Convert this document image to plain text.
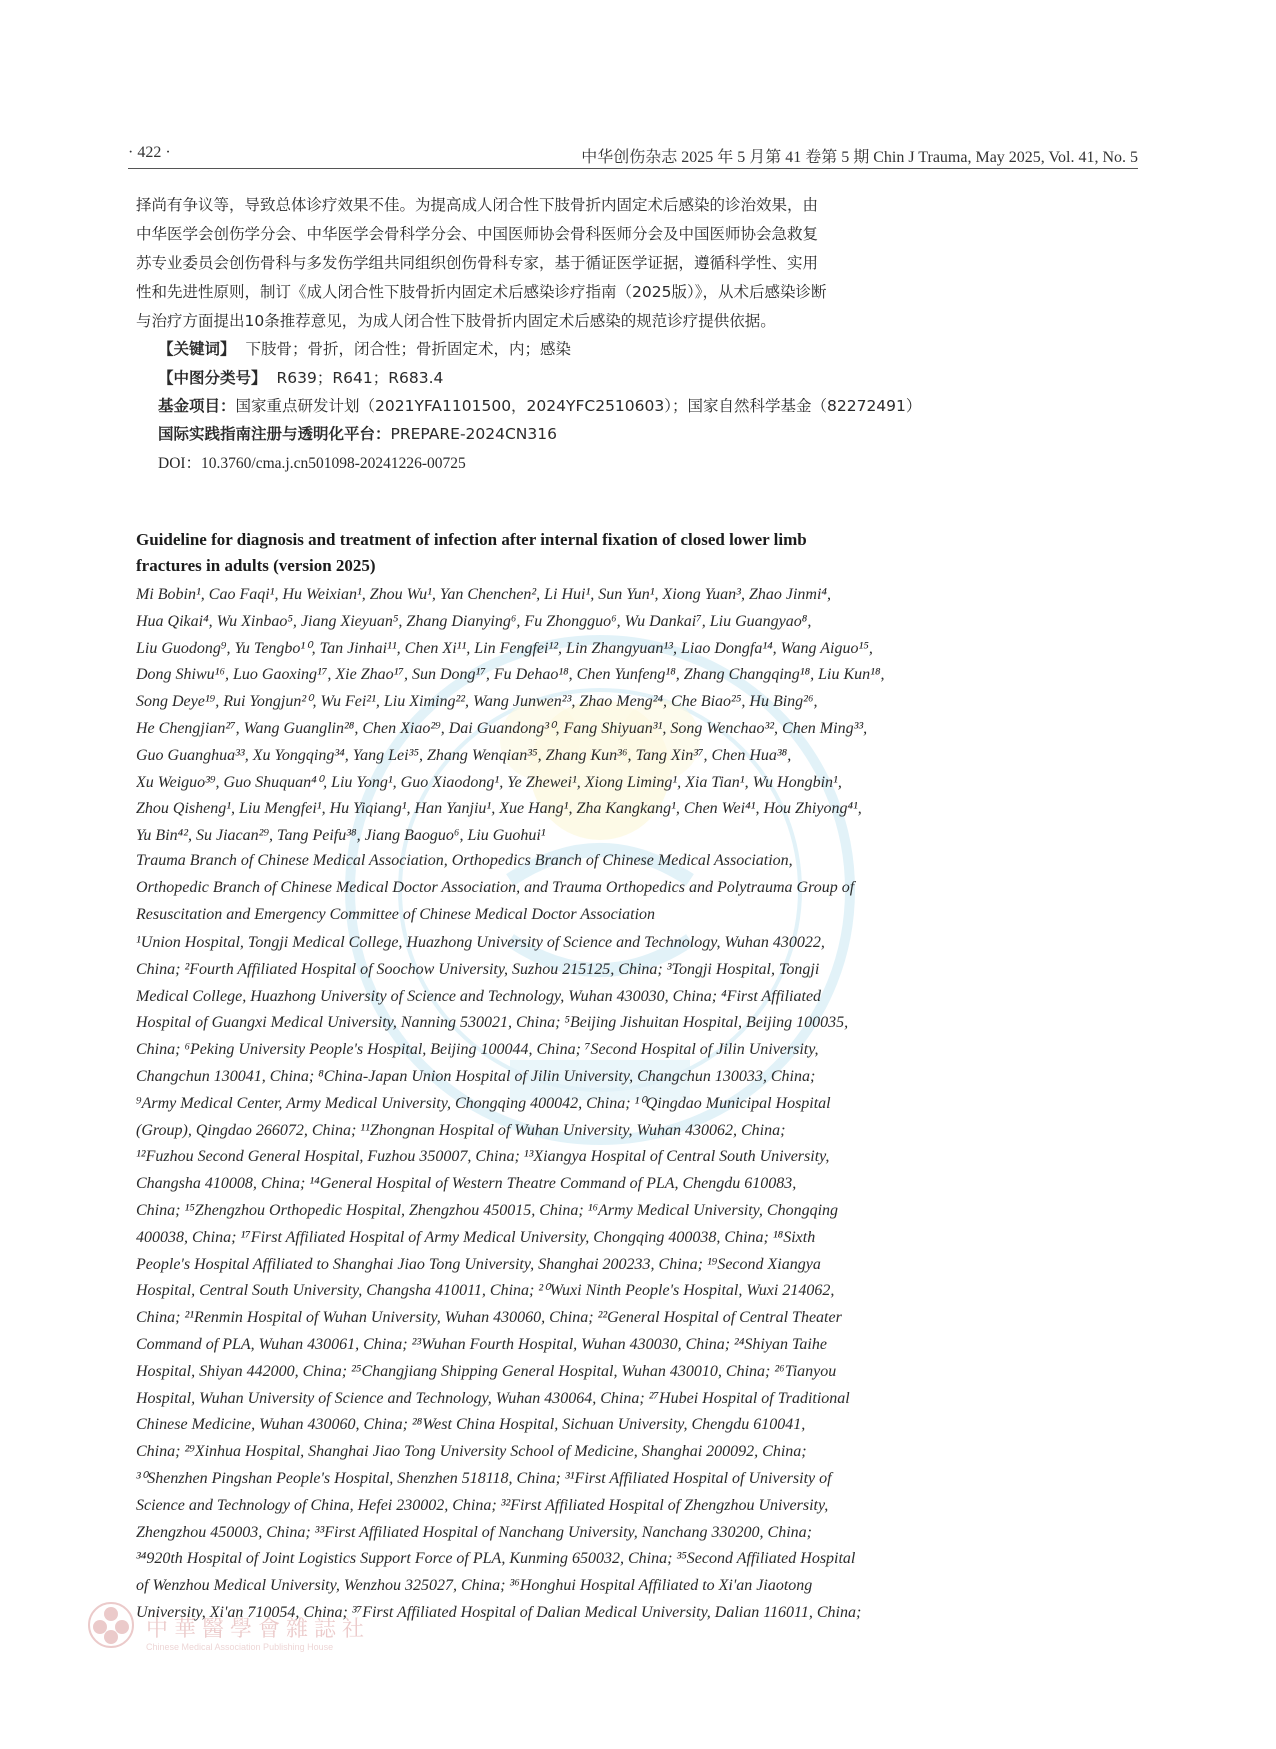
· 422 ·	中华创伤杂志 2025 年 5 月第 41 卷第 5 期 Chin J Trauma, May 2025, Vol. 41, No. 5
择尚有争议等，导致总体诊疗效果不佳。为提高成人闭合性下肢骨折内固定术后感染的诊治效果，由
中华医学会创伤学分会、中华医学会骨科学分会、中国医师协会骨科医师分会及中国医师协会急救复
苏专业委员会创伤骨科与多发伤学组共同组织创伤骨科专家，基于循证医学证据，遵循科学性、实用
性和先进性原则，制订《成人闭合性下肢骨折内固定术后感染诊疗指南（2025版）》，从术后感染诊断
与治疗方面提出10条推荐意见，为成人闭合性下肢骨折内固定术后感染的规范诊疗提供依据。
【关键词】 下肢骨；骨折，闭合性；骨折固定术，内；感染
【中图分类号】 R639；R641；R683.4
基金项目：国家重点研发计划（2021YFA1101500，2024YFC2510603）；国家自然科学基金（82272491）
国际实践指南注册与透明化平台：PREPARE-2024CN316
DOI：10.3760/cma.j.cn501098-20241226-00725
Guideline for diagnosis and treatment of infection after internal fixation of closed lower limb
fractures in adults (version 2025)
Mi Bobin¹, Cao Faqi¹, Hu Weixian¹, Zhou Wu¹, Yan Chenchen², Li Hui¹, Sun Yun¹, Xiong Yuan³, Zhao Jinmi⁴,
Hua Qikai⁴, Wu Xinbao⁵, Jiang Xieyuan⁵, Zhang Dianying⁶, Fu Zhongguo⁶, Wu Dankai⁷, Liu Guangyao⁸,
Liu Guodong⁹, Yu Tengbo¹⁰, Tan Jinhai¹¹, Chen Xi¹¹, Lin Fengfei¹², Lin Zhangyuan¹³, Liao Dongfa¹⁴, Wang Aiguo¹⁵,
Dong Shiwu¹⁶, Luo Gaoxing¹⁷, Xie Zhao¹⁷, Sun Dong¹⁷, Fu Dehao¹⁸, Chen Yunfeng¹⁸, Zhang Changqing¹⁸, Liu Kun¹⁸,
Song Deye¹⁹, Rui Yongjun²⁰, Wu Fei²¹, Liu Ximing²², Wang Junwen²³, Zhao Meng²⁴, Che Biao²⁵, Hu Bing²⁶,
He Chengjian²⁷, Wang Guanglin²⁸, Chen Xiao²⁹, Dai Guandong³⁰, Fang Shiyuan³¹, Song Wenchao³², Chen Ming³³,
Guo Guanghua³³, Xu Yongqing³⁴, Yang Lei³⁵, Zhang Wenqian³⁵, Zhang Kun³⁶, Tang Xin³⁷, Chen Hua³⁸,
Xu Weiguo³⁹, Guo Shuquan⁴⁰, Liu Yong¹, Guo Xiaodong¹, Ye Zhewei¹, Xiong Liming¹, Xia Tian¹, Wu Hongbin¹,
Zhou Qisheng¹, Liu Mengfei¹, Hu Yiqiang¹, Han Yanjiu¹, Xue Hang¹, Zha Kangkang¹, Chen Wei⁴¹, Hou Zhiyong⁴¹,
Yu Bin⁴², Su Jiacan²⁹, Tang Peifu³⁸, Jiang Baoguo⁶, Liu Guohui¹
Trauma Branch of Chinese Medical Association, Orthopedics Branch of Chinese Medical Association,
Orthopedic Branch of Chinese Medical Doctor Association, and Trauma Orthopedics and Polytrauma Group of
Resuscitation and Emergency Committee of Chinese Medical Doctor Association
¹Union Hospital, Tongji Medical College, Huazhong University of Science and Technology, Wuhan 430022,
China; ²Fourth Affiliated Hospital of Soochow University, Suzhou 215125, China; ³Tongji Hospital, Tongji
Medical College, Huazhong University of Science and Technology, Wuhan 430030, China; ⁴First Affiliated
Hospital of Guangxi Medical University, Nanning 530021, China; ⁵Beijing Jishuitan Hospital, Beijing 100035,
China; ⁶Peking University People's Hospital, Beijing 100044, China; ⁷Second Hospital of Jilin University,
Changchun 130041, China; ⁸China-Japan Union Hospital of Jilin University, Changchun 130033, China;
⁹Army Medical Center, Army Medical University, Chongqing 400042, China; ¹⁰Qingdao Municipal Hospital
(Group), Qingdao 266072, China; ¹¹Zhongnan Hospital of Wuhan University, Wuhan 430062, China;
¹²Fuzhou Second General Hospital, Fuzhou 350007, China; ¹³Xiangya Hospital of Central South University,
Changsha 410008, China; ¹⁴General Hospital of Western Theatre Command of PLA, Chengdu 610083,
China; ¹⁵Zhengzhou Orthopedic Hospital, Zhengzhou 450015, China; ¹⁶Army Medical University, Chongqing
400038, China; ¹⁷First Affiliated Hospital of Army Medical University, Chongqing 400038, China; ¹⁸Sixth
People's Hospital Affiliated to Shanghai Jiao Tong University, Shanghai 200233, China; ¹⁹Second Xiangya
Hospital, Central South University, Changsha 410011, China; ²⁰Wuxi Ninth People's Hospital, Wuxi 214062,
China; ²¹Renmin Hospital of Wuhan University, Wuhan 430060, China; ²²General Hospital of Central Theater
Command of PLA, Wuhan 430061, China; ²³Wuhan Fourth Hospital, Wuhan 430030, China; ²⁴Shiyan Taihe
Hospital, Shiyan 442000, China; ²⁵Changjiang Shipping General Hospital, Wuhan 430010, China; ²⁶Tianyou
Hospital, Wuhan University of Science and Technology, Wuhan 430064, China; ²⁷Hubei Hospital of Traditional
Chinese Medicine, Wuhan 430060, China; ²⁸West China Hospital, Sichuan University, Chengdu 610041,
China; ²⁹Xinhua Hospital, Shanghai Jiao Tong University School of Medicine, Shanghai 200092, China;
³⁰Shenzhen Pingshan People's Hospital, Shenzhen 518118, China; ³¹First Affiliated Hospital of University of
Science and Technology of China, Hefei 230002, China; ³²First Affiliated Hospital of Zhengzhou University,
Zhengzhou 450003, China; ³³First Affiliated Hospital of Nanchang University, Nanchang 330200, China;
³⁴920th Hospital of Joint Logistics Support Force of PLA, Kunming 650032, China; ³⁵Second Affiliated Hospital
of Wenzhou Medical University, Wenzhou 325027, China; ³⁶Honghui Hospital Affiliated to Xi'an Jiaotong
University, Xi'an 710054, China; ³⁷First Affiliated Hospital of Dalian Medical University, Dalian 116011, China;
中華醫學會雜誌社
Chinese Medical Association Publishing House
